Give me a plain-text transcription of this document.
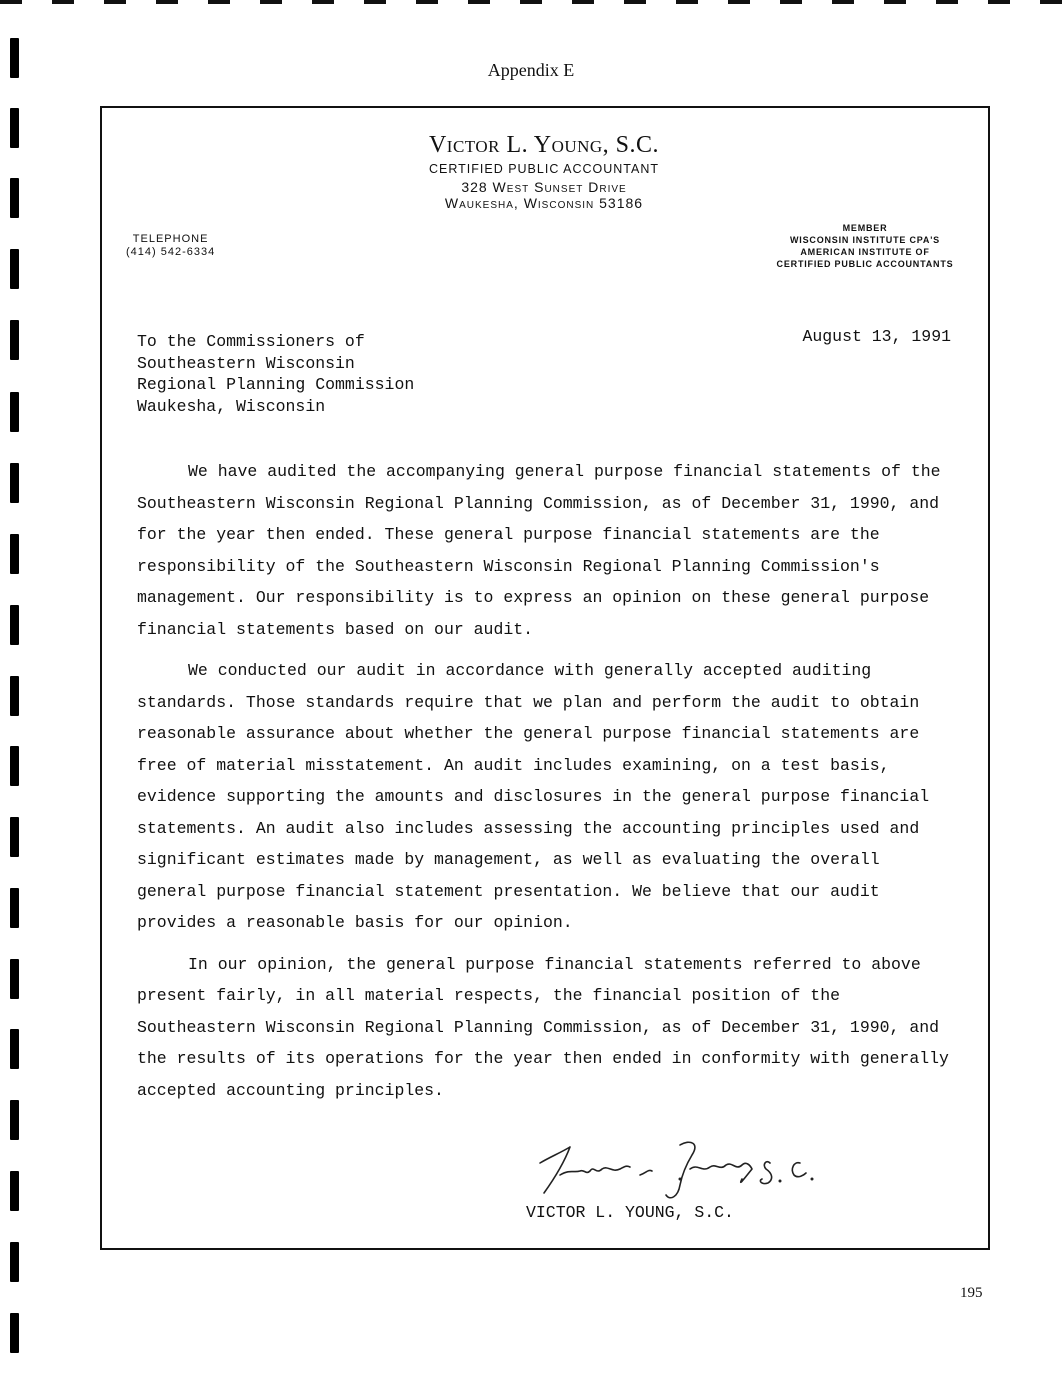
Appendix E
Victor L. Young, S.C.
CERTIFIED PUBLIC ACCOUNTANT
328 West Sunset Drive
Waukesha, Wisconsin 53186
TELEPHONE
(414) 542-6334
MEMBER
WISCONSIN INSTITUTE CPA'S
AMERICAN INSTITUTE OF
CERTIFIED PUBLIC ACCOUNTANTS
To the Commissioners of
Southeastern Wisconsin
Regional Planning Commission
Waukesha, Wisconsin
August 13, 1991

We have audited the accompanying general purpose financial statements of the Southeastern Wisconsin Regional Planning Commission, as of December 31, 1990, and for the year then ended. These general purpose financial statements are the responsibility of the Southeastern Wisconsin Regional Planning Commission's management. Our responsibility is to express an opinion on these general purpose financial statements based on our audit.

We conducted our audit in accordance with generally accepted auditing standards. Those standards require that we plan and perform the audit to obtain reasonable assurance about whether the general purpose financial statements are free of material misstatement. An audit includes examining, on a test basis, evidence supporting the amounts and disclosures in the general purpose financial statements. An audit also includes assessing the accounting principles used and significant estimates made by management, as well as evaluating the overall general purpose financial statement presentation. We believe that our audit provides a reasonable basis for our opinion.

In our opinion, the general purpose financial statements referred to above present fairly, in all material respects, the financial position of the Southeastern Wisconsin Regional Planning Commission, as of December 31, 1990, and the results of its operations for the year then ended in conformity with generally accepted accounting principles.

VICTOR L. YOUNG, S.C.
195
